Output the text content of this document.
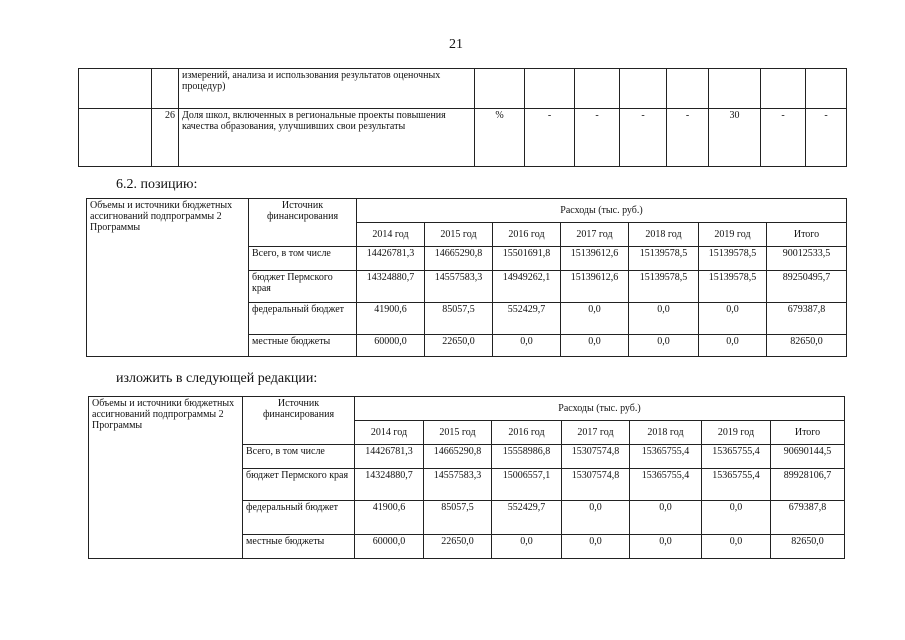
21
		измерений, анализа и использования результатов оценочных процедур)								
	26	Доля школ, включенных в региональные проекты повышения качества образования, улучшивших свои результаты	%	-	-	-	-	30	-	-
6.2. позицию:
Объемы и источники бюджетных ассигнований подпрограммы 2 Программы	Источник финансирования	Расходы (тыс. руб.)						
		2014 год	2015 год	2016 год	2017 год	2018 год	2019 год	Итого
	Всего, в том числе	14426781,3	14665290,8	15501691,8	15139612,6	15139578,5	15139578,5	90012533,5
	бюджет Пермского края	14324880,7	14557583,3	14949262,1	15139612,6	15139578,5	15139578,5	89250495,7
	федеральный бюджет	41900,6	85057,5	552429,7	0,0	0,0	0,0	679387,8
	местные бюджеты	60000,0	22650,0	0,0	0,0	0,0	0,0	82650,0
изложить в следующей редакции:
Объемы и источники бюджетных ассигнований подпрограммы 2 Программы	Источник финансирования	Расходы (тыс. руб.)						
		2014 год	2015 год	2016 год	2017 год	2018 год	2019 год	Итого
	Всего, в том числе	14426781,3	14665290,8	15558986,8	15307574,8	15365755,4	15365755,4	90690144,5
	бюджет Пермского края	14324880,7	14557583,3	15006557,1	15307574,8	15365755,4	15365755,4	89928106,7
	федеральный бюджет	41900,6	85057,5	552429,7	0,0	0,0	0,0	679387,8
	местные бюджеты	60000,0	22650,0	0,0	0,0	0,0	0,0	82650,0
